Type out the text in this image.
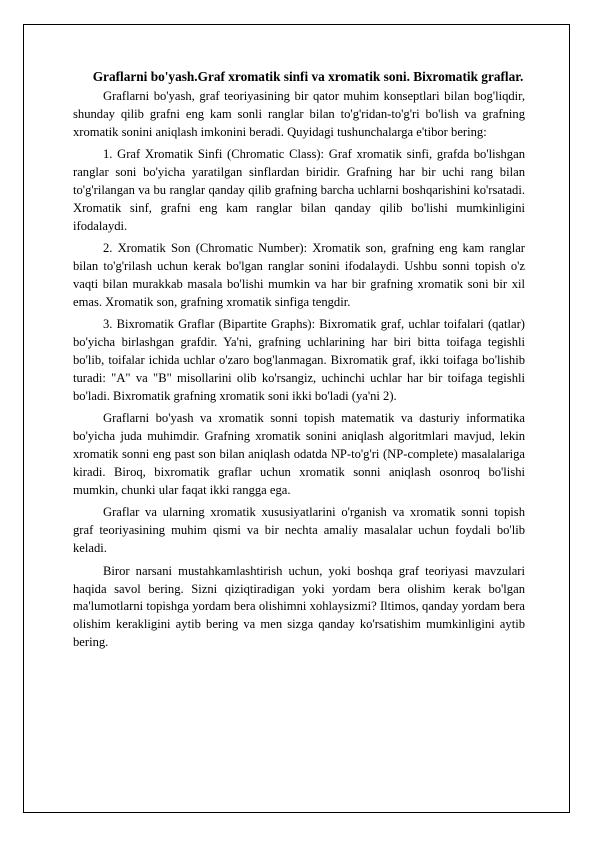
Graflarni bo'yash.Graf xromatik sinfi va xromatik soni. Bixromatik graflar.

Graflarni bo'yash, graf teoriyasining bir qator muhim konseptlari bilan bog'liqdir, shunday qilib grafni eng kam sonli ranglar bilan to'g'ridan-to'g'ri bo'lish va grafning xromatik sonini aniqlash imkonini beradi. Quyidagi tushunchalarga e'tibor bering:

1. Graf Xromatik Sinfi (Chromatic Class): Graf xromatik sinfi, grafda bo'lishgan ranglar soni bo'yicha yaratilgan sinflardan biridir. Grafning har bir uchi rang bilan to'g'rilangan va bu ranglar qanday qilib grafning barcha uchlarni boshqarishini ko'rsatadi. Xromatik sinf, grafni eng kam ranglar bilan qanday qilib bo'lishi mumkinligini ifodalaydi.

2. Xromatik Son (Chromatic Number): Xromatik son, grafning eng kam ranglar bilan to'g'rilash uchun kerak bo'lgan ranglar sonini ifodalaydi. Ushbu sonni topish o'z vaqti bilan murakkab masala bo'lishi mumkin va har bir grafning xromatik soni bir xil emas. Xromatik son, grafning xromatik sinfiga tengdir.

3. Bixromatik Graflar (Bipartite Graphs): Bixromatik graf, uchlar toifalari (qatlar) bo'yicha birlashgan grafdir. Ya'ni, grafning uchlarining har biri bitta toifaga tegishli bo'lib, toifalar ichida uchlar o'zaro bog'lanmagan. Bixromatik graf, ikki toifaga bo'lishib turadi: "A" va "B" misollarini olib ko'rsangiz, uchinchi uchlar har bir toifaga tegishli bo'ladi. Bixromatik grafning xromatik soni ikki bo'ladi (ya'ni 2).

Graflarni bo'yash va xromatik sonni topish matematik va dasturiy informatika bo'yicha juda muhimdir. Grafning xromatik sonini aniqlash algoritmlari mavjud, lekin xromatik sonni eng past son bilan aniqlash odatda NP-to'g'ri (NP-complete) masalalariga kiradi. Biroq, bixromatik graflar uchun xromatik sonni aniqlash osonroq bo'lishi mumkin, chunki ular faqat ikki rangga ega.

Graflar va ularning xromatik xususiyatlarini o'rganish va xromatik sonni topish graf teoriyasining muhim qismi va bir nechta amaliy masalalar uchun foydali bo'lib keladi.

Biror narsani mustahkamlashtirish uchun, yoki boshqa graf teoriyasi mavzulari haqida savol bering. Sizni qiziqtiradigan yoki yordam bera olishim kerak bo'lgan ma'lumotlarni topishga yordam bera olishimni xohlaysizmi? Iltimos, qanday yordam bera olishim kerakligini aytib bering va men sizga qanday ko'rsatishim mumkinligini aytib bering.
